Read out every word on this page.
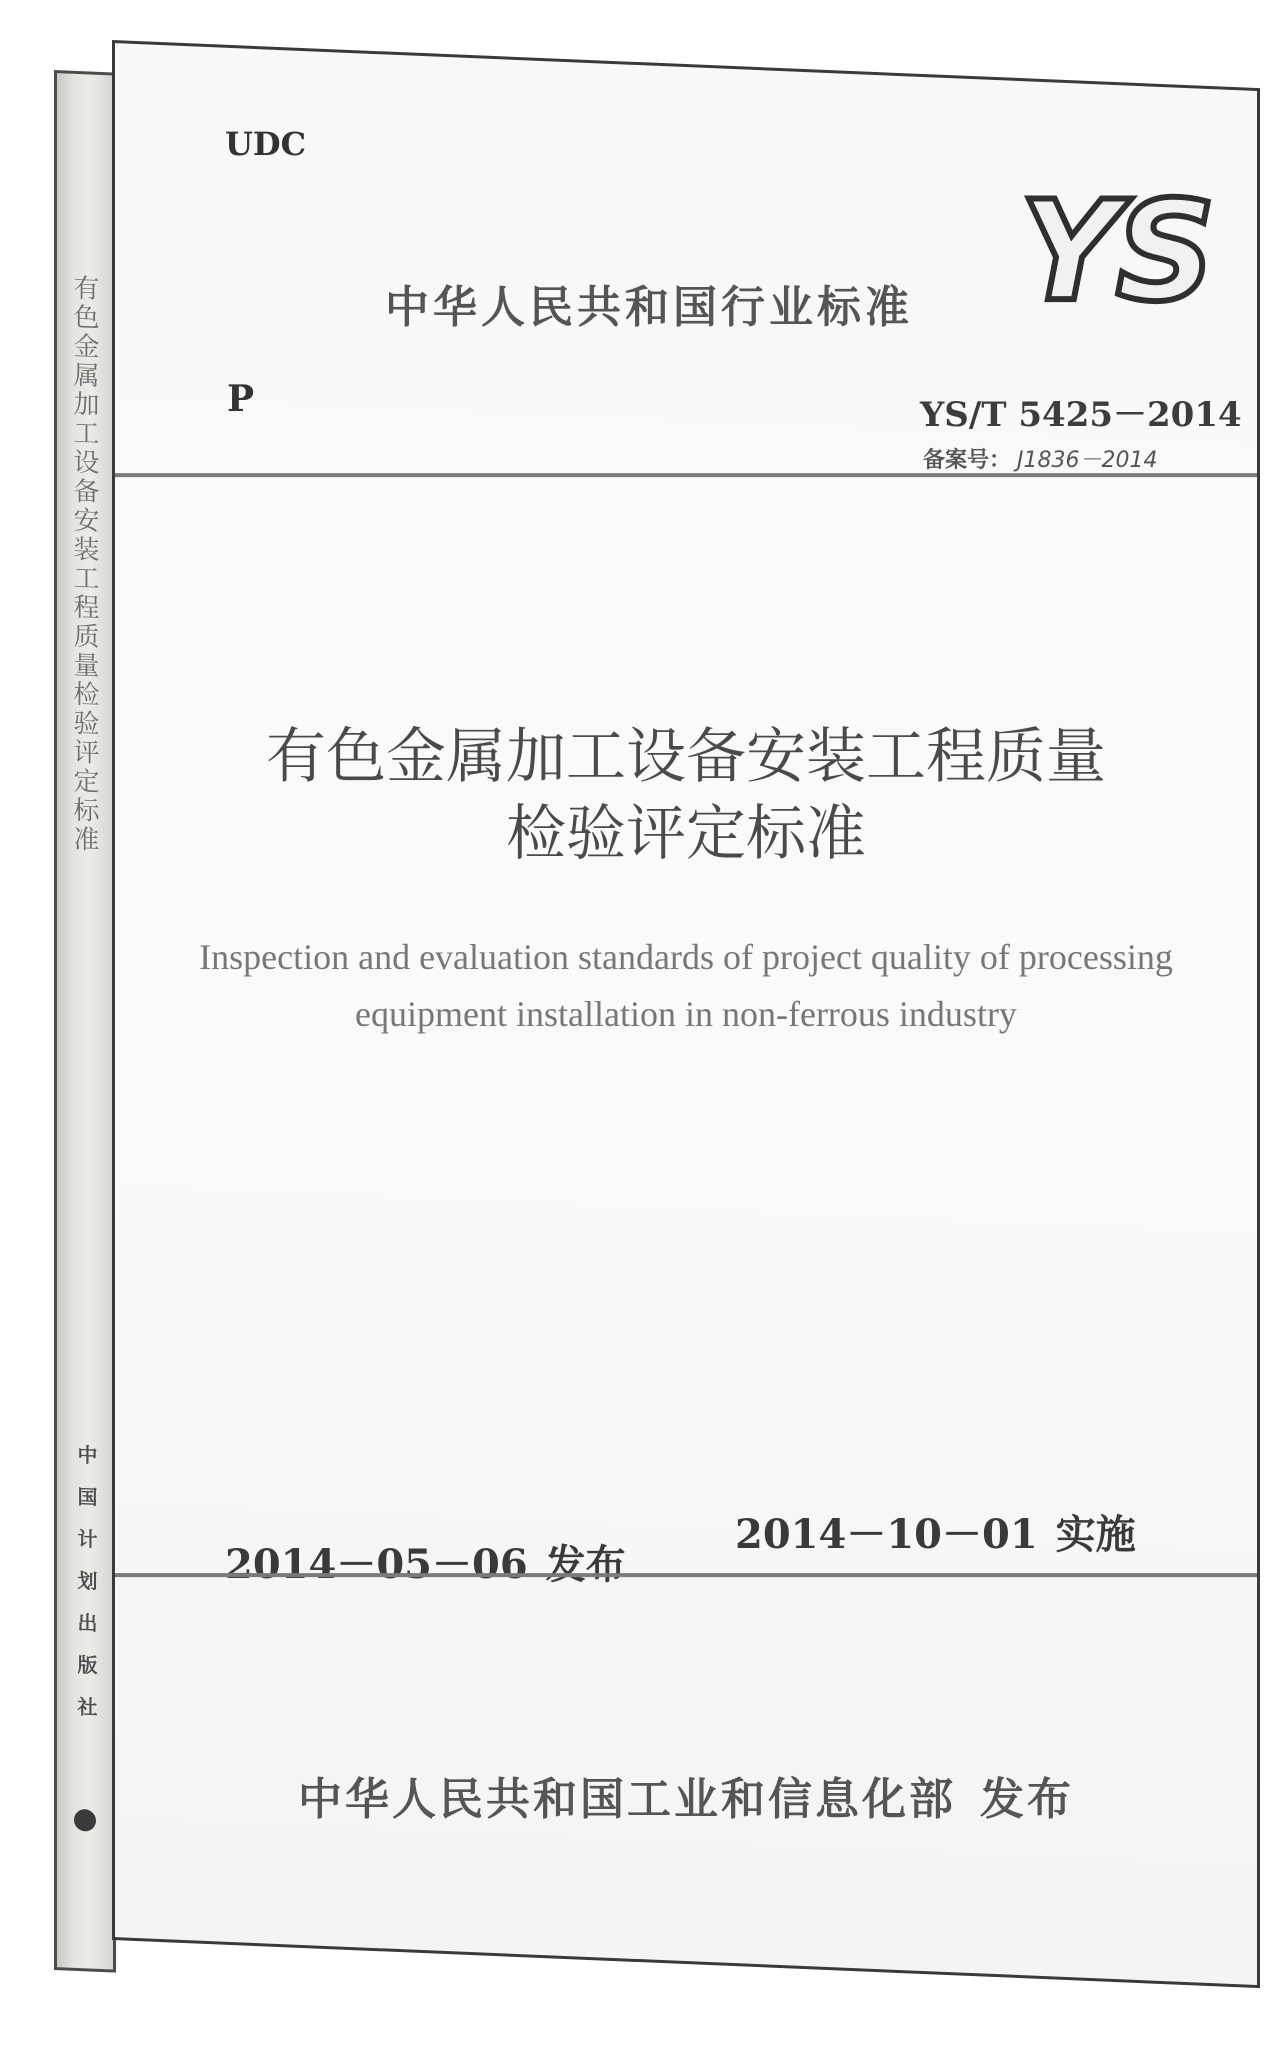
有色金属加工设备安装工程质量检验评定标准
中国计划出版社
UDC
中华人民共和国行业标准 YS
P	YS/T 5425－2014
备案号： J1836－2014
有色金属加工设备安装工程质量
检验评定标准
Inspection and evaluation standards of project quality of processing
equipment installation in non-ferrous industry
2014－05－06 发布
2014－10－01 实施
中华人民共和国工业和信息化部 发布
